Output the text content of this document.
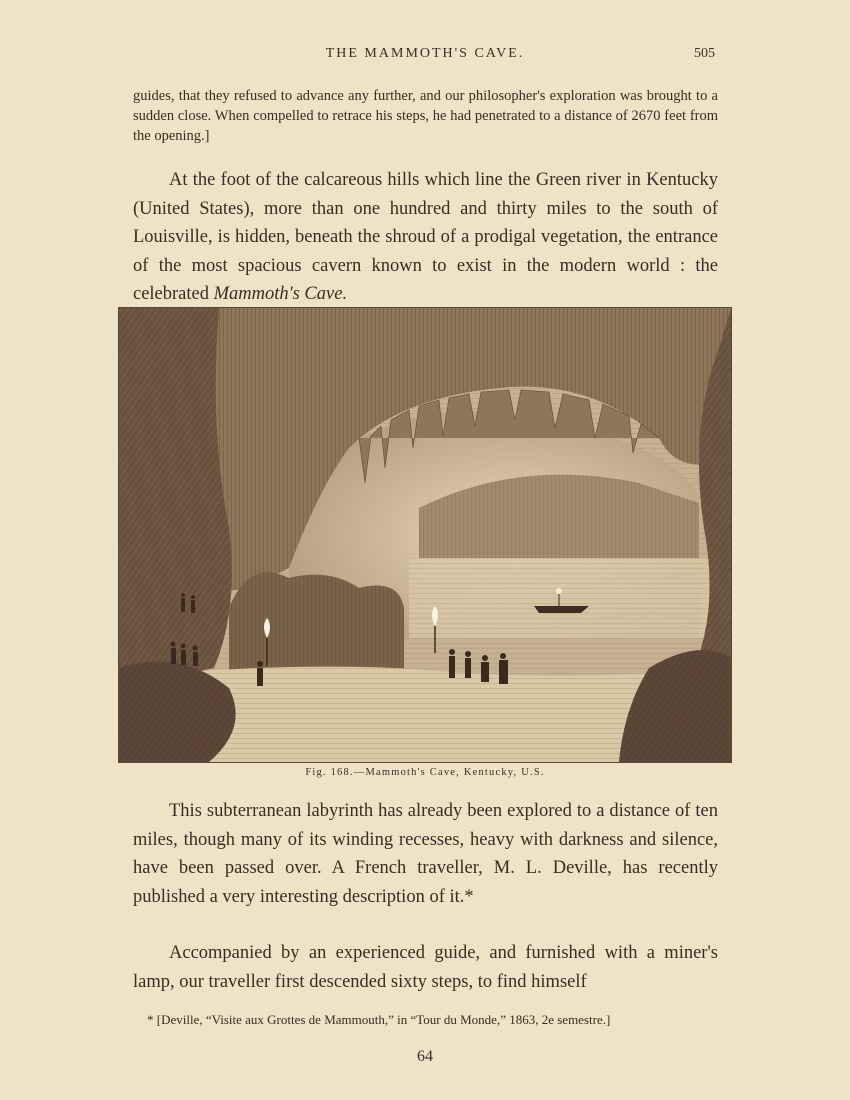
THE MAMMOTH'S CAVE.	505

guides, that they refused to advance any further, and our philosopher's exploration was brought to a sudden close. When compelled to retrace his steps, he had penetrated to a distance of 2670 feet from the opening.]

At the foot of the calcareous hills which line the Green river in Kentucky (United States), more than one hundred and thirty miles to the south of Louisville, is hidden, beneath the shroud of a prodigal vegetation, the entrance of the most spacious cavern known to exist in the modern world : the celebrated Mammoth's Cave.

Fig. 168.—Mammoth's Cave, Kentucky, U.S.

This subterranean labyrinth has already been explored to a distance of ten miles, though many of its winding recesses, heavy with darkness and silence, have been passed over. A French traveller, M. L. Deville, has recently published a very interesting description of it.*

Accompanied by an experienced guide, and furnished with a miner's lamp, our traveller first descended sixty steps, to find himself

* [Deville, “Visite aux Grottes de Mammouth,” in “Tour du Monde,” 1863, 2e semestre.]

64
